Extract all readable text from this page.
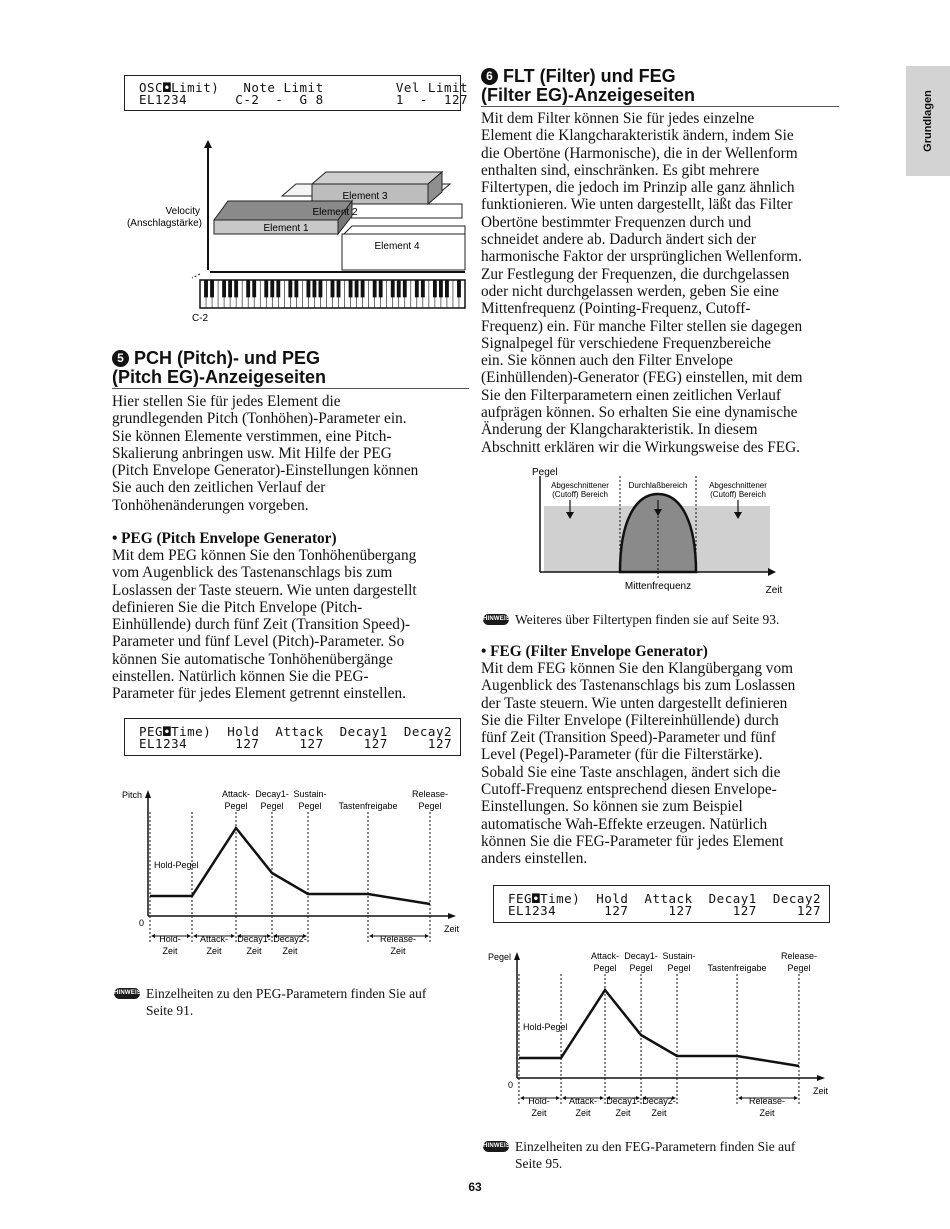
Grundlagen
OSC◘Limit)   Note Limit         Vel Limit
EL1234      C-2  -  G 8         1  -  127
Element 3
Element 2
Element 1
Element 4
Velocity
(Anschlagstärke)
C-2
5 PCH (Pitch)- und PEG
(Pitch EG)-Anzeigeseiten
Hier stellen Sie für jedes Element die
grundlegenden Pitch (Tonhöhen)-Parameter ein.
Sie können Elemente verstimmen, eine Pitch-
Skalierung anbringen usw. Mit Hilfe der PEG
(Pitch Envelope Generator)-Einstellungen können
Sie auch den zeitlichen Verlauf der
Tonhöhenänderungen vorgeben.
• PEG (Pitch Envelope Generator)
Mit dem PEG können Sie den Tonhöhenübergang
vom Augenblick des Tastenanschlags bis zum
Loslassen der Taste steuern. Wie unten dargestellt
definieren Sie die Pitch Envelope (Pitch-
Einhüllende) durch fünf Zeit (Transition Speed)-
Parameter und fünf Level (Pitch)-Parameter. So
können Sie automatische Tonhöhenübergänge
einstellen. Natürlich können Sie die PEG-
Parameter für jedes Element getrennt einstellen.
PEG◘Time)  Hold  Attack  Decay1  Decay2
EL1234      127     127     127     127
Pitch
Hold-Pegel
0
Zeit
Attack-
Pegel
Decay1-
Pegel
Sustain-
Pegel Tastenfreigabe
Release-
Pegel
Hold-
Zeit
Attack-
Zeit
Decay1-
Zeit
Decay2-
Zeit
Release-
Zeit
HINWEIS Einzelheiten zu den PEG-Parametern finden Sie auf
Seite 91.
6 FLT (Filter) und FEG
(Filter EG)-Anzeigeseiten
Mit dem Filter können Sie für jedes einzelne
Element die Klangcharakteristik ändern, indem Sie
die Obertöne (Harmonische), die in der Wellenform
enthalten sind, einschränken. Es gibt mehrere
Filtertypen, die jedoch im Prinzip alle ganz ähnlich
funktionieren. Wie unten dargestellt, läßt das Filter
Obertöne bestimmter Frequenzen durch und
schneidet andere ab. Dadurch ändert sich der
harmonische Faktor der ursprünglichen Wellenform.
Zur Festlegung der Frequenzen, die durchgelassen
oder nicht durchgelassen werden, geben Sie eine
Mittenfrequenz (Pointing-Frequenz, Cutoff-
Frequenz) ein. Für manche Filter stellen sie dagegen
Signalpegel für verschiedene Frequenzbereiche
ein. Sie können auch den Filter Envelope
(Einhüllenden)-Generator (FEG) einstellen, mit dem
Sie den Filterparametern einen zeitlichen Verlauf
aufprägen können. So erhalten Sie eine dynamische
Änderung der Klangcharakteristik. In diesem
Abschnitt erklären wir die Wirkungsweise des FEG.
Pegel
Abgeschnittener
(Cutoff) Bereich
Durchlaßbereich	Abgeschnittener
(Cutoff) Bereich
Mittenfrequenz	Zeit
HINWEIS Weiteres über Filtertypen finden sie auf Seite 93.
• FEG (Filter Envelope Generator)
Mit dem FEG können Sie den Klangübergang vom
Augenblick des Tastenanschlags bis zum Loslassen
der Taste steuern. Wie unten dargestellt definieren
Sie die Filter Envelope (Filtereinhüllende) durch
fünf Zeit (Transition Speed)-Parameter und fünf
Level (Pegel)-Parameter (für die Filterstärke).
Sobald Sie eine Taste anschlagen, ändert sich die
Cutoff-Frequenz entsprechend diesen Envelope-
Einstellungen. So können sie zum Beispiel
automatische Wah-Effekte erzeugen. Natürlich
können Sie die FEG-Parameter für jedes Element
anders einstellen.
FEG◘Time)  Hold  Attack  Decay1  Decay2
EL1234      127     127     127     127
Pegel
Hold-Pegel
0
Zeit
Attack-
Pegel
Decay1-
Pegel
Sustain-
Pegel Tastenfreigabe
Release-
Pegel
Hold-
Zeit
Attack-
Zeit
Decay1-
Zeit
Decay2-
Zeit
Release-
Zeit
HINWEIS Einzelheiten zu den FEG-Parametern finden Sie auf
Seite 95.
63
